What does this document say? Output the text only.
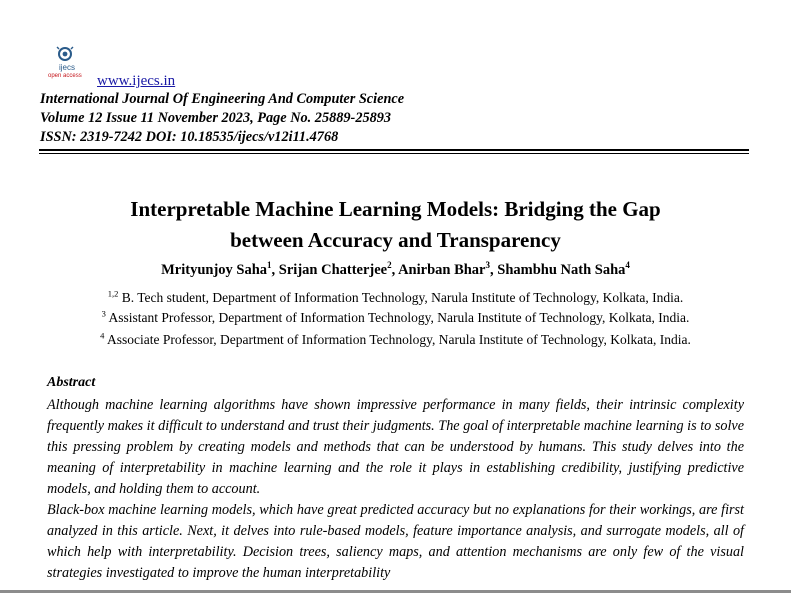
ijecs
open access www.ijecs.in
International Journal Of Engineering And Computer Science
Volume 12 Issue 11 November 2023, Page No. 25889-25893
ISSN: 2319-7242 DOI: 10.18535/ijecs/v12i11.4768
Interpretable Machine Learning Models: Bridging the Gap
between Accuracy and Transparency
Mrityunjoy Saha$^1$, Srijan Chatterjee$^2$, Anirban Bhar$^3$, Shambhu Nath Saha$^4$
$^{1,2}$ B. Tech student, Department of Information Technology, Narula Institute of Technology, Kolkata, India.
$^3$ Assistant Professor, Department of Information Technology, Narula Institute of Technology, Kolkata, India.
$^4$ Associate Professor, Department of Information Technology, Narula Institute of Technology, Kolkata, India.
Abstract

Although machine learning algorithms have shown impressive performance in many fields, their intrinsic complexity frequently makes it difficult to understand and trust their judgments. The goal of interpretable machine learning is to solve this pressing problem by creating models and methods that can be understood by humans. This study delves into the meaning of interpretability in machine learning and the role it plays in establishing credibility, justifying predictive models, and holding them to account.

Black-box machine learning models, which have great predicted accuracy but no explanations for their workings, are first analyzed in this article. Next, it delves into rule-based models, feature importance analysis, and surrogate models, all of which help with interpretability. Decision trees, saliency maps, and attention mechanisms are only few of the visual strategies investigated to improve the human interpretability
